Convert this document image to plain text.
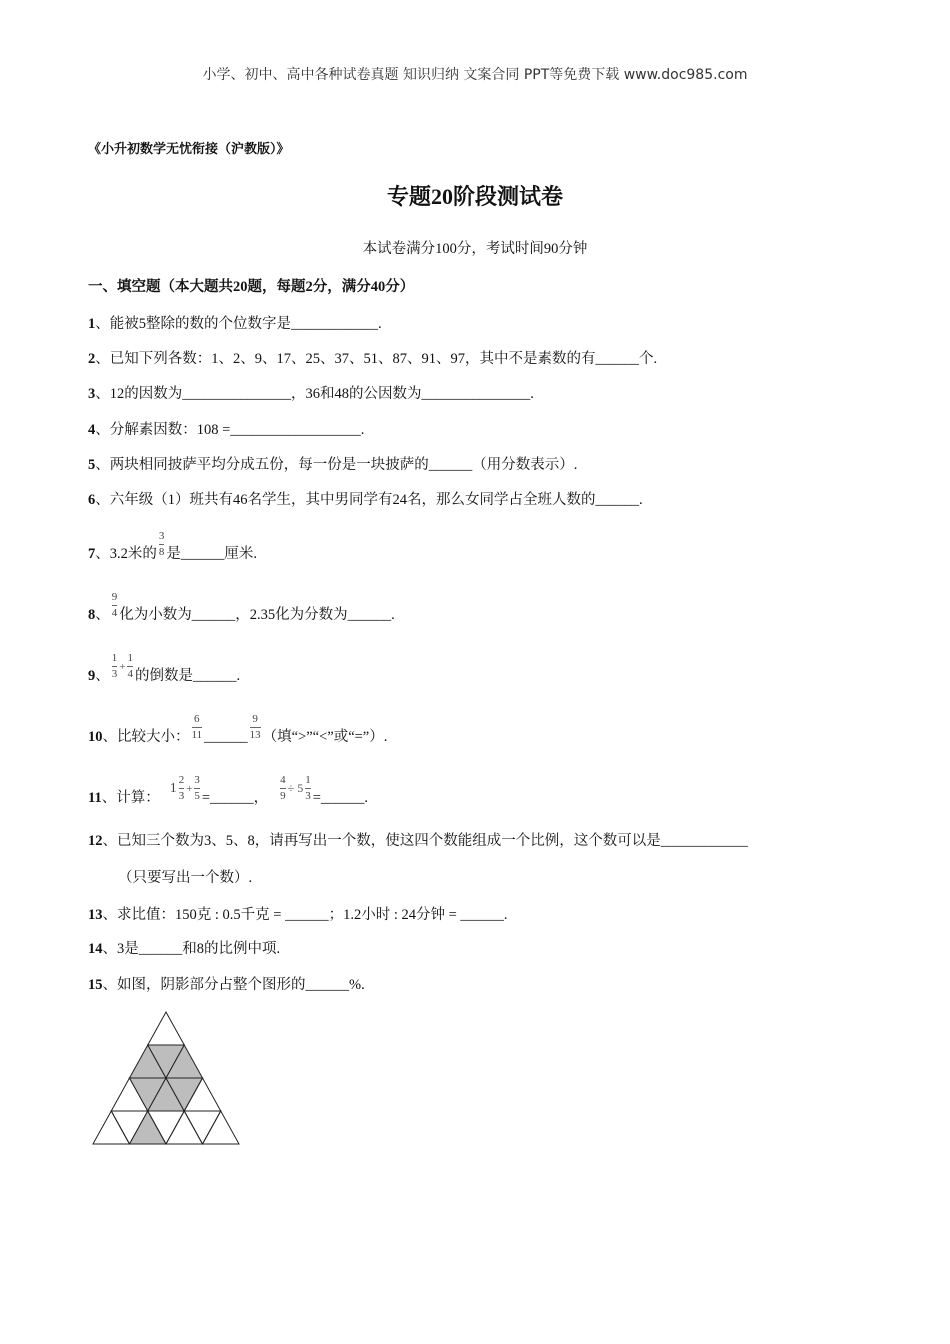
小学、初中、高中各种试卷真题 知识归纳 文案合同 PPT等免费下载 www.doc985.com
《小升初数学无忧衔接（沪教版）》
专题20阶段测试卷
本试卷满分100分，考试时间90分钟
一、填空题（本大题共20题，每题2分，满分40分）
1、能被5整除的数的个位数字是____________.
2、已知下列各数：1、2、9、17、25、37、51、87、91、97，其中不是素数的有______个.
3、12的因数为_______________，36和48的公因数为_______________.
4、分解素因数：108 =__________________.
5、两块相同披萨平均分成五份，每一份是一块披萨的______（用分数表示）.
6、六年级（1）班共有46名学生，其中男同学有24名，那么女同学占全班人数的______.
7、3.2米的 $\frac{3}{8}$ 是______厘米.
8、 $\frac{9}{4}$ 化为小数为______，2.35化为分数为______.
9、 $\frac{1}{3} ^+ \frac{1}{4}$ 的倒数是______.
10、比较大小： $\frac{6}{11}$ ______ $\frac{9}{13}$ （填“>”“<”或“=”）.
11、计算：$1 \frac{2}{3} ^+ \frac{3}{5}$ =______， $\frac{4}{9} ^{\div 5} \frac{1}{3}$ =______.
12、已知三个数为3、5、8，请再写出一个数，使这四个数能组成一个比例，这个数可以是____________
（只要写出一个数）.
13、求比值：150克 : 0.5千克 = ______；1.2小时 : 24分钟 = ______.
14、3是______和8的比例中项.
15、如图，阴影部分占整个图形的______%.
